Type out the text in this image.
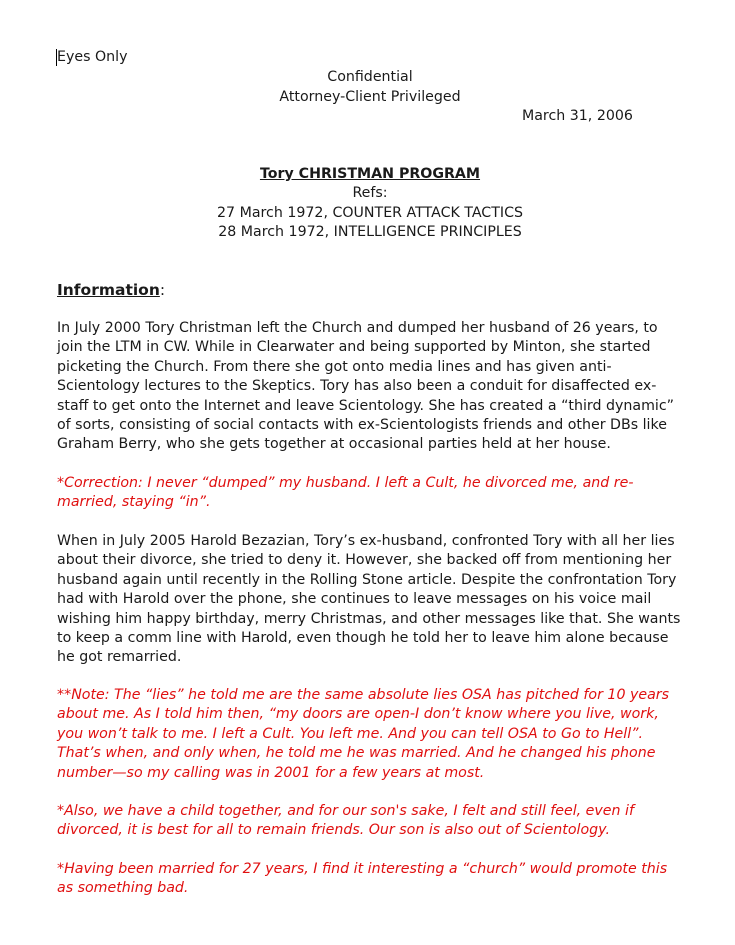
Eyes Only
Confidential
Attorney-Client Privileged
March 31, 2006
Tory CHRISTMAN PROGRAM
Refs:
27 March 1972, COUNTER ATTACK TACTICS
28 March 1972, INTELLIGENCE PRINCIPLES
Information:
In July 2000 Tory Christman left the Church and dumped her husband of 26 years, to
join the LTM in CW. While in Clearwater and being supported by Minton, she started
picketing the Church. From there she got onto media lines and has given anti-
Scientology lectures to the Skeptics. Tory has also been a conduit for disaffected ex-
staff to get onto the Internet and leave Scientology. She has created a “third dynamic”
of sorts, consisting of social contacts with ex-Scientologists friends and other DBs like
Graham Berry, who she gets together at occasional parties held at her house.
*Correction: I never “dumped” my husband. I left a Cult, he divorced me, and re-
married, staying “in”.
When in July 2005 Harold Bezazian, Tory’s ex-husband, confronted Tory with all her lies
about their divorce, she tried to deny it. However, she backed off from mentioning her
husband again until recently in the Rolling Stone article. Despite the confrontation Tory
had with Harold over the phone, she continues to leave messages on his voice mail
wishing him happy birthday, merry Christmas, and other messages like that. She wants
to keep a comm line with Harold, even though he told her to leave him alone because
he got remarried.
**Note: The “lies” he told me are the same absolute lies OSA has pitched for 10 years
about me. As I told him then, “my doors are open-I don’t know where you live, work,
you won’t talk to me. I left a Cult. You left me. And you can tell OSA to Go to Hell”.
That’s when, and only when, he told me he was married. And he changed his phone
number—so my calling was in 2001 for a few years at most.
*Also, we have a child together, and for our son's sake, I felt and still feel, even if
divorced, it is best for all to remain friends. Our son is also out of Scientology.
*Having been married for 27 years, I find it interesting a “church” would promote this
as something bad.
